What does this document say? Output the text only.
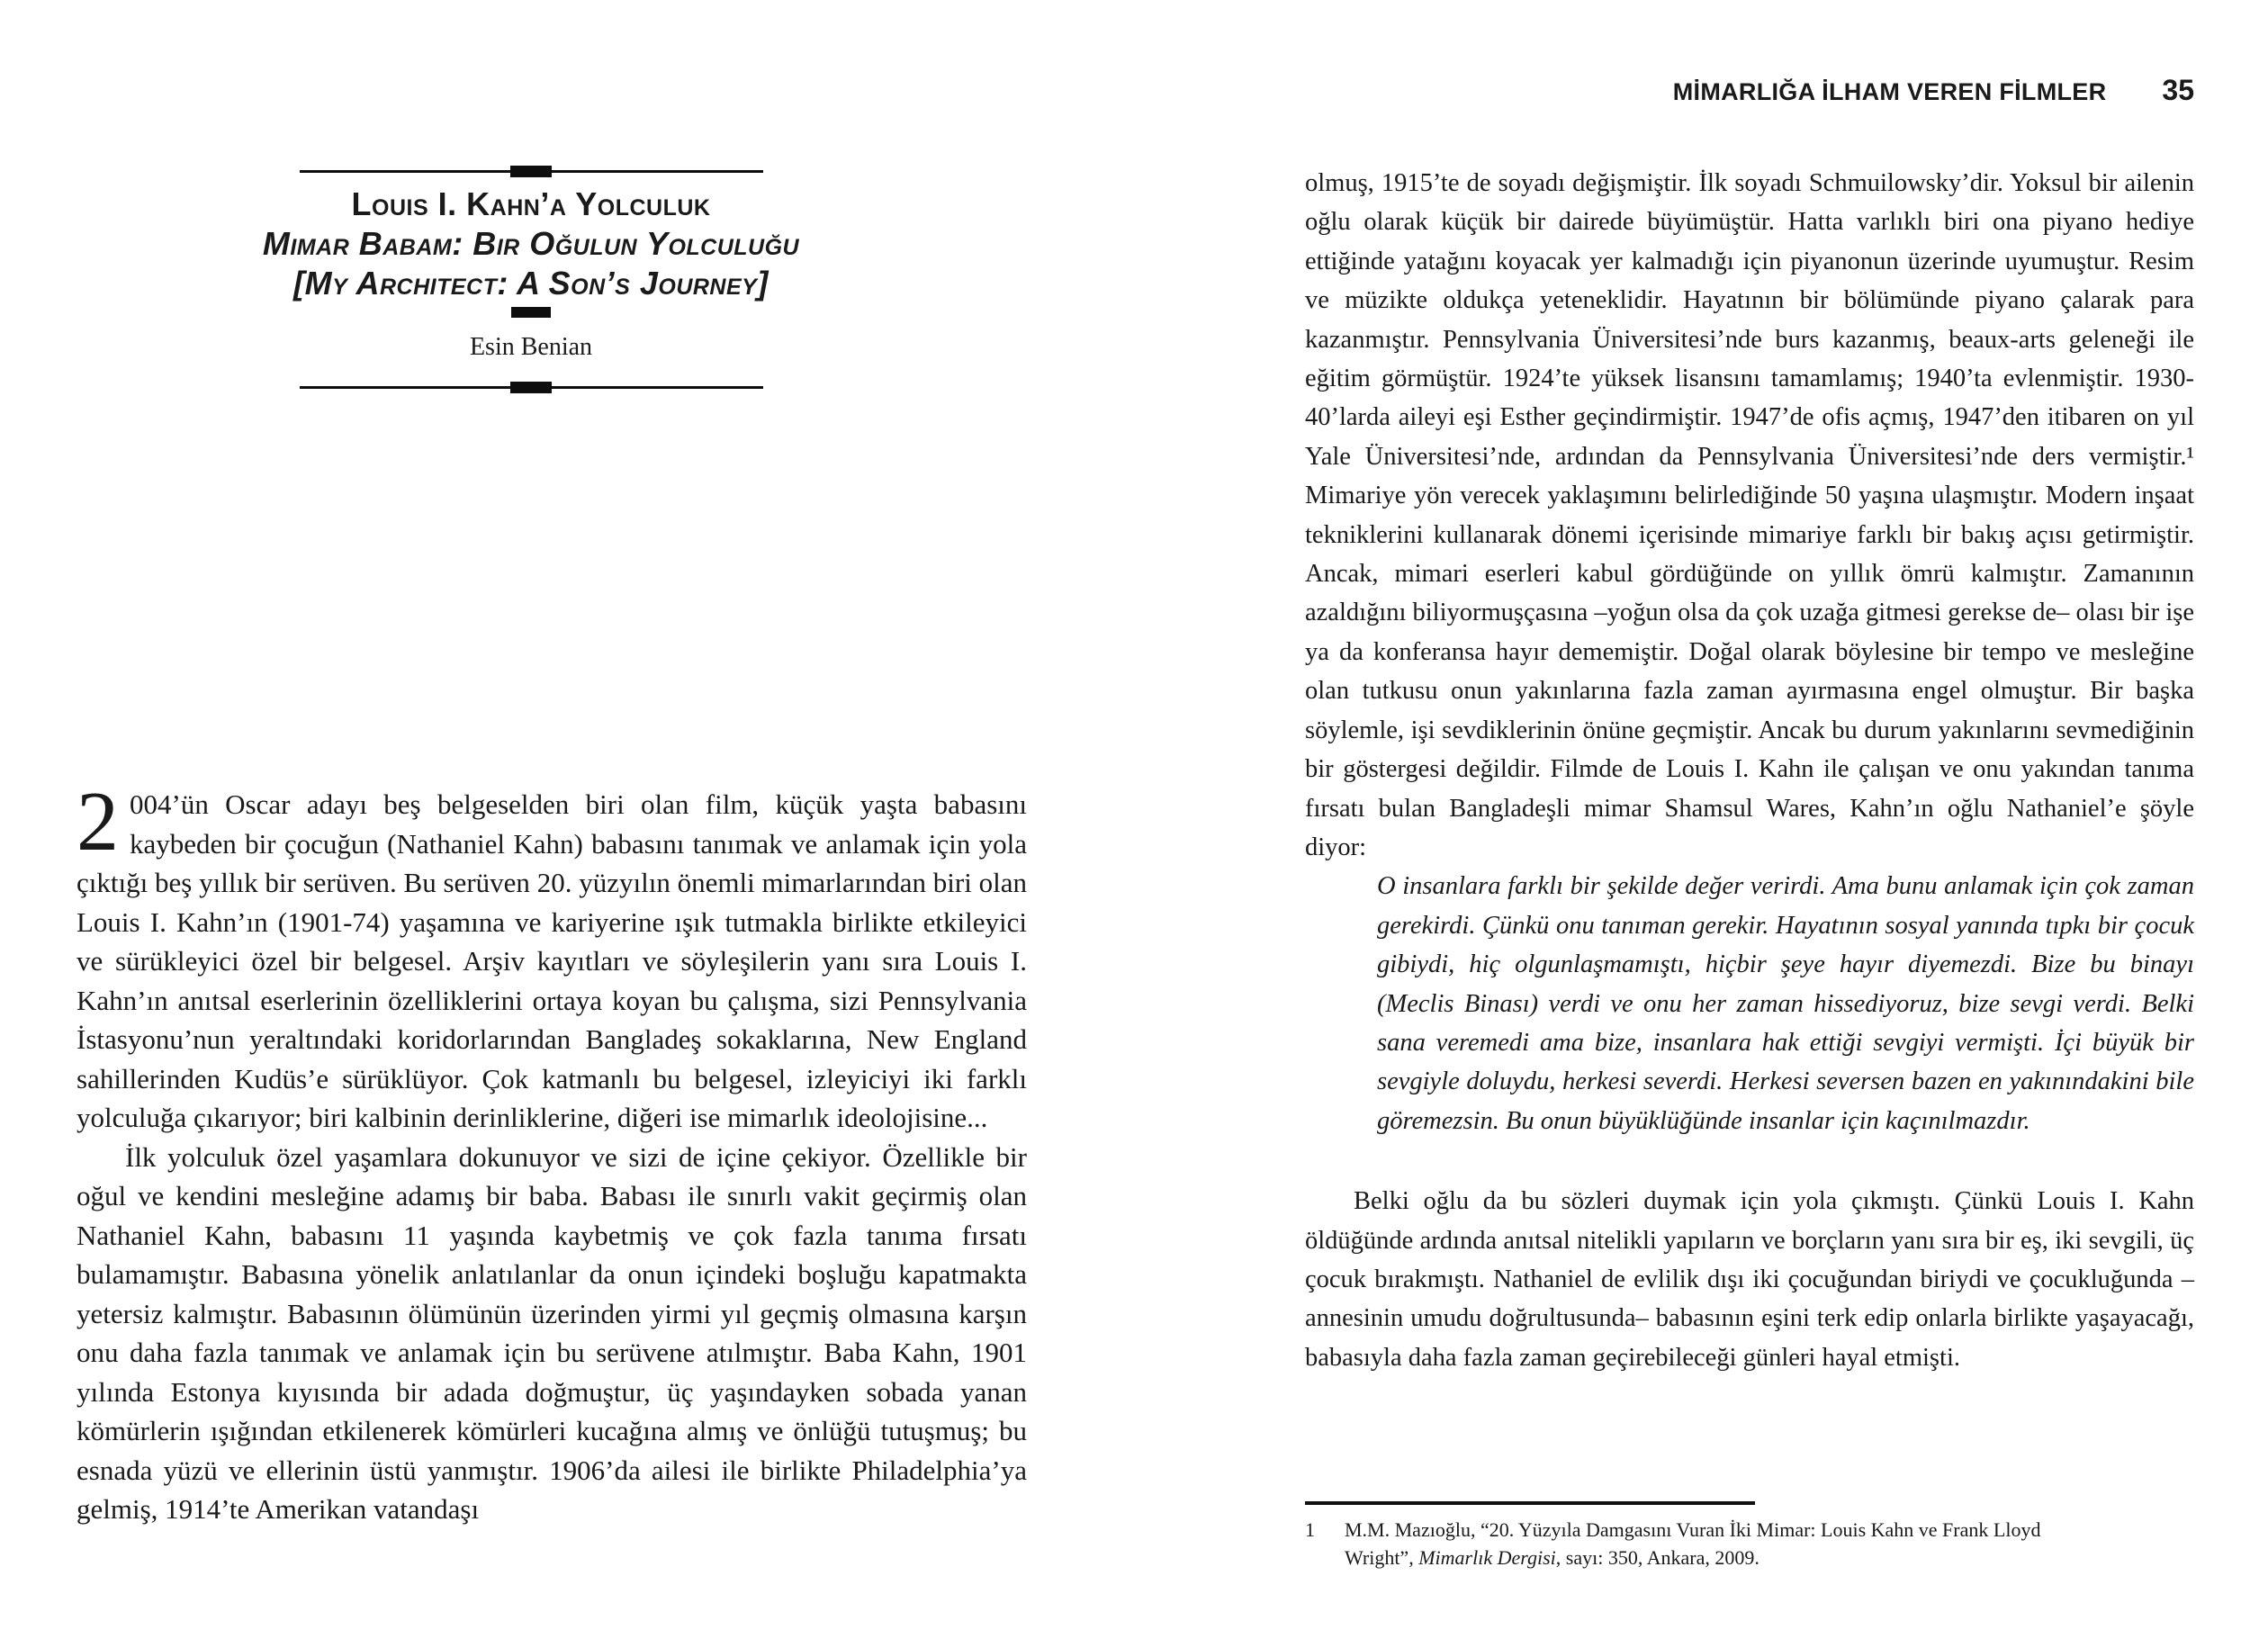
Louis I. Kahn’a Yolculuk
Mimar Babam: Bir Oğulun Yolculuğu
[My Architect: A Son’s Journey]
Esin Benian

2 004’ün Oscar adayı beş belgeselden biri olan film, küçük yaşta babasını kaybeden bir çocuğun (Nathaniel Kahn) babasını tanımak ve anlamak için yola çıktığı beş yıllık bir serüven. Bu serüven 20. yüzyılın önemli mimarlarından biri olan Louis I. Kahn’ın (1901-74) yaşamına ve kariyerine ışık tutmakla birlikte etkileyici ve sürükleyici özel bir belgesel. Arşiv kayıtları ve söyleşilerin yanı sıra Louis I. Kahn’ın anıtsal eserlerinin özelliklerini ortaya koyan bu çalışma, sizi Pennsylvania İstasyonu’nun yeraltındaki koridorlarından Bangladeş sokaklarına, New England sahillerinden Kudüs’e sürüklüyor. Çok katmanlı bu belgesel, izleyiciyi iki farklı yolculuğa çıkarıyor; biri kalbinin derinliklerine, diğeri ise mimarlık ideolojisine...

İlk yolculuk özel yaşamlara dokunuyor ve sizi de içine çekiyor. Özellikle bir oğul ve kendini mesleğine adamış bir baba. Babası ile sınırlı vakit geçirmiş olan Nathaniel Kahn, babasını 11 yaşında kaybetmiş ve çok fazla tanıma fırsatı bulamamıştır. Babasına yönelik anlatılanlar da onun içindeki boşluğu kapatmakta yetersiz kalmıştır. Babasının ölümünün üzerinden yirmi yıl geçmiş olmasına karşın onu daha fazla tanımak ve anlamak için bu serüvene atılmıştır. Baba Kahn, 1901 yılında Estonya kıyısında bir adada doğmuştur, üç yaşındayken sobada yanan kömürlerin ışığından etkilenerek kömürleri kucağına almış ve önlüğü tutuşmuş; bu esnada yüzü ve ellerinin üstü yanmıştır. 1906’da ailesi ile birlikte Philadelphia’ya gelmiş, 1914’te Amerikan vatandaşı

MİMARLIĞA İLHAM VEREN FİLMLER 35

olmuş, 1915’te de soyadı değişmiştir. İlk soyadı Schmuilowsky’dir. Yoksul bir ailenin oğlu olarak küçük bir dairede büyümüştür. Hatta varlıklı biri ona piyano hediye ettiğinde yatağını koyacak yer kalmadığı için piyanonun üzerinde uyumuştur. Resim ve müzikte oldukça yeteneklidir. Hayatının bir bölümünde piyano çalarak para kazanmıştır. Pennsylvania Üniversitesi’nde burs kazanmış, beaux-arts geleneği ile eğitim görmüştür. 1924’te yüksek lisansını tamamlamış; 1940’ta evlenmiştir. 1930-40’larda aileyi eşi Esther geçindirmiştir. 1947’de ofis açmış, 1947’den itibaren on yıl Yale Üniversitesi’nde, ardından da Pennsylvania Üniversitesi’nde ders vermiştir.¹ Mimariye yön verecek yaklaşımını belirlediğinde 50 yaşına ulaşmıştır. Modern inşaat tekniklerini kullanarak dönemi içerisinde mimariye farklı bir bakış açısı getirmiştir. Ancak, mimari eserleri kabul gördüğünde on yıllık ömrü kalmıştır. Zamanının azaldığını biliyormuşçasına –yoğun olsa da çok uzağa gitmesi gerekse de– olası bir işe ya da konferansa hayır dememiştir. Doğal olarak böylesine bir tempo ve mesleğine olan tutkusu onun yakınlarına fazla zaman ayırmasına engel olmuştur. Bir başka söylemle, işi sevdiklerinin önüne geçmiştir. Ancak bu durum yakınlarını sevmediğinin bir göstergesi değildir. Filmde de Louis I. Kahn ile çalışan ve onu yakından tanıma fırsatı bulan Bangladeşli mimar Shamsul Wares, Kahn’ın oğlu Nathaniel’e şöyle diyor:

O insanlara farklı bir şekilde değer verirdi. Ama bunu anlamak için çok zaman gerekirdi. Çünkü onu tanıman gerekir. Hayatının sosyal yanında tıpkı bir çocuk gibiydi, hiç olgunlaşmamıştı, hiçbir şeye hayır diyemezdi. Bize bu binayı (Meclis Binası) verdi ve onu her zaman hissediyoruz, bize sevgi verdi. Belki sana veremedi ama bize, insanlara hak ettiği sevgiyi vermişti. İçi büyük bir sevgiyle doluydu, herkesi severdi. Herkesi seversen bazen en yakınındakini bile göremezsin. Bu onun büyüklüğünde insanlar için kaçınılmazdır.

Belki oğlu da bu sözleri duymak için yola çıkmıştı. Çünkü Louis I. Kahn öldüğünde ardında anıtsal nitelikli yapıların ve borçların yanı sıra bir eş, iki sevgili, üç çocuk bırakmıştı. Nathaniel de evlilik dışı iki çocuğundan biriydi ve çocukluğunda –annesinin umudu doğrultusunda– babasının eşini terk edip onlarla birlikte yaşayacağı, babasıyla daha fazla zaman geçirebileceği günleri hayal etmişti.

1	M.M. Mazıoğlu, “20. Yüzyıla Damgasını Vuran İki Mimar: Louis Kahn ve Frank Lloyd Wright”, Mimarlık Dergisi, sayı: 350, Ankara, 2009.
